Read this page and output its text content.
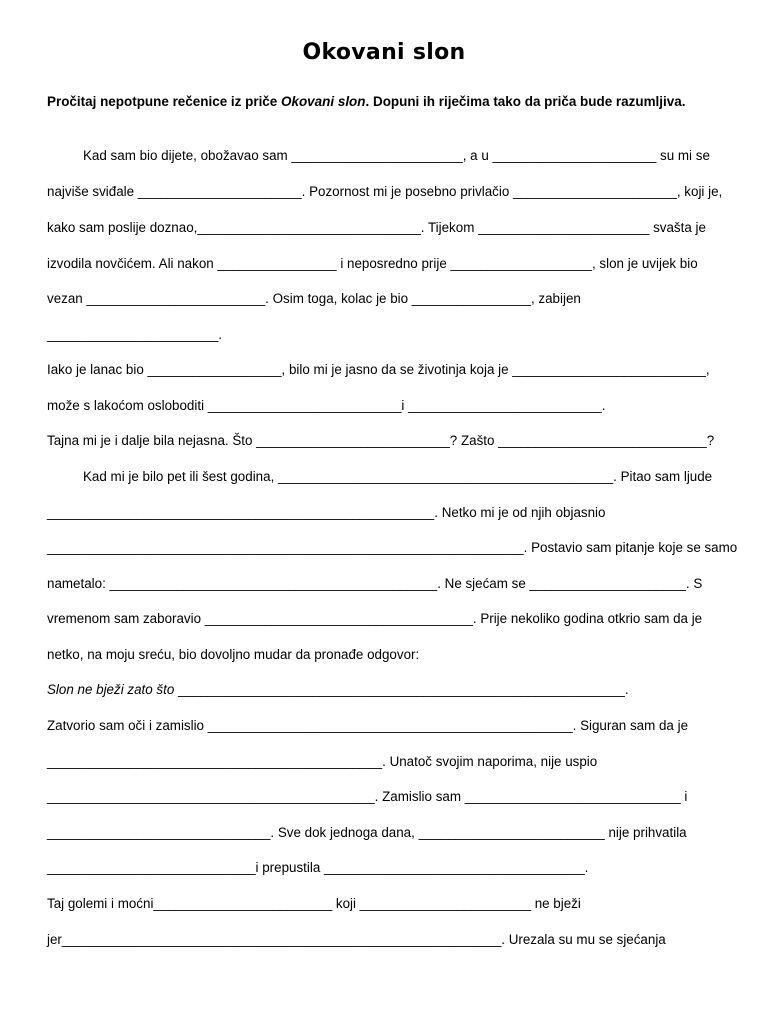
Okovani slon
Pročitaj nepotpune rečenice iz priče Okovani slon. Dopuni ih riječima tako da priča bude razumljiva.
Kad sam bio dijete, obožavao sam _______________________, a u ______________________ su mi se
najviše sviđale ______________________. Pozornost mi je posebno privlačio ______________________, koji je,
kako sam poslije doznao,______________________________. Tijekom _______________________ svašta je
izvodila novčićem. Ali nakon ________________ i neposredno prije ___________________, slon je uvijek bio
vezan ________________________. Osim toga, kolac je bio ________________, zabijen
_______________________.
Iako je lanac bio __________________, bilo mi je jasno da se životinja koja je __________________________,
može s lakoćom osloboditi __________________________i __________________________.
Tajna mi je i dalje bila nejasna. Što __________________________? Zašto ____________________________?
Kad mi je bilo pet ili šest godina, _____________________________________________. Pitao sam ljude
____________________________________________________. Netko mi je od njih objasnio
________________________________________________________________. Postavio sam pitanje koje se samo
nametalo: ____________________________________________. Ne sjećam se _____________________. S
vremenom sam zaboravio ____________________________________. Prije nekoliko godina otkrio sam da je
netko, na moju sreću, bio dovoljno mudar da pronađe odgovor:
Slon ne bježi zato što ____________________________________________________________.
Zatvorio sam oči i zamislio _________________________________________________. Siguran sam da je
_____________________________________________. Unatoč svojim naporima, nije uspio
____________________________________________. Zamislio sam _____________________________ i
______________________________. Sve dok jednoga dana, _________________________ nije prihvatila
____________________________i prepustila ___________________________________.
Taj golemi i moćni________________________ koji _______________________ ne bježi
jer___________________________________________________________. Urezala su mu se sjećanja
